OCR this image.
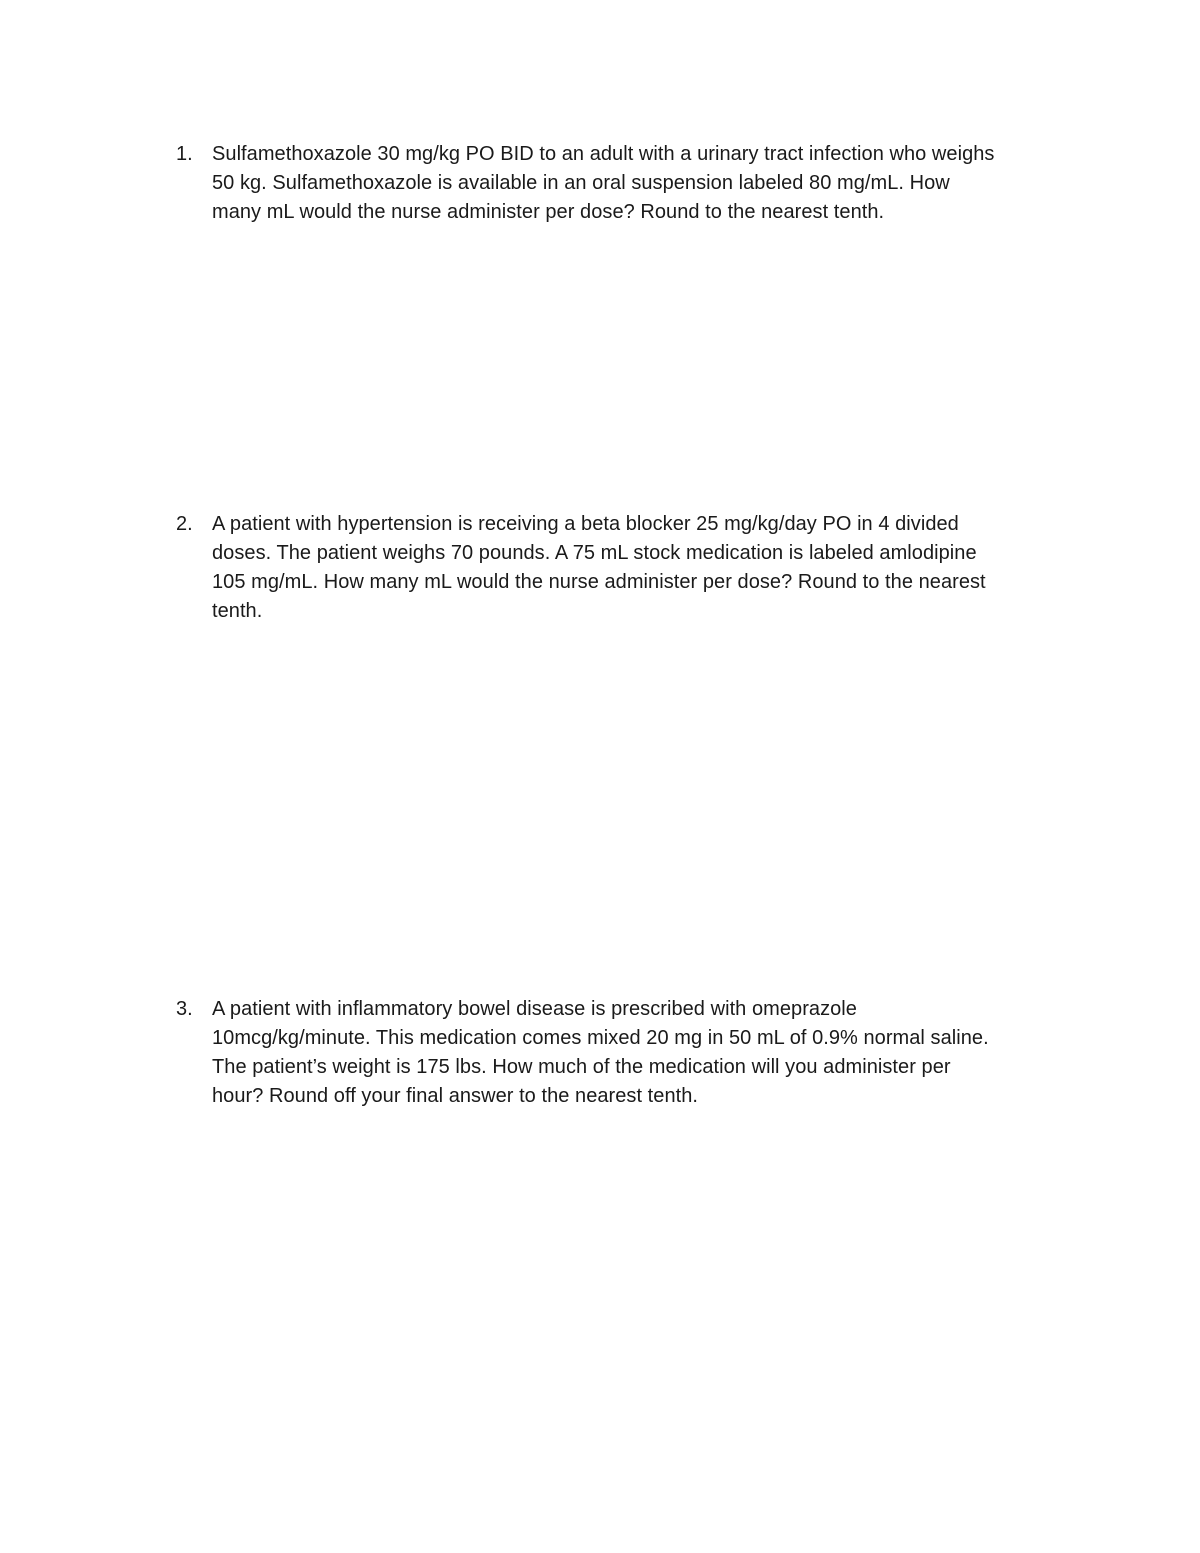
1. Sulfamethoxazole 30 mg/kg PO BID to an adult with a urinary tract infection who weighs
50 kg. Sulfamethoxazole is available in an oral suspension labeled 80 mg/mL. How
many mL would the nurse administer per dose? Round to the nearest tenth.
2. A patient with hypertension is receiving a beta blocker 25 mg/kg/day PO in 4 divided
doses. The patient weighs 70 pounds. A 75 mL stock medication is labeled amlodipine
105 mg/mL. How many mL would the nurse administer per dose? Round to the nearest
tenth.
3. A patient with inflammatory bowel disease is prescribed with omeprazole
10mcg/kg/minute. This medication comes mixed 20 mg in 50 mL of 0.9% normal saline.
The patient’s weight is 175 lbs. How much of the medication will you administer per
hour? Round off your final answer to the nearest tenth.
